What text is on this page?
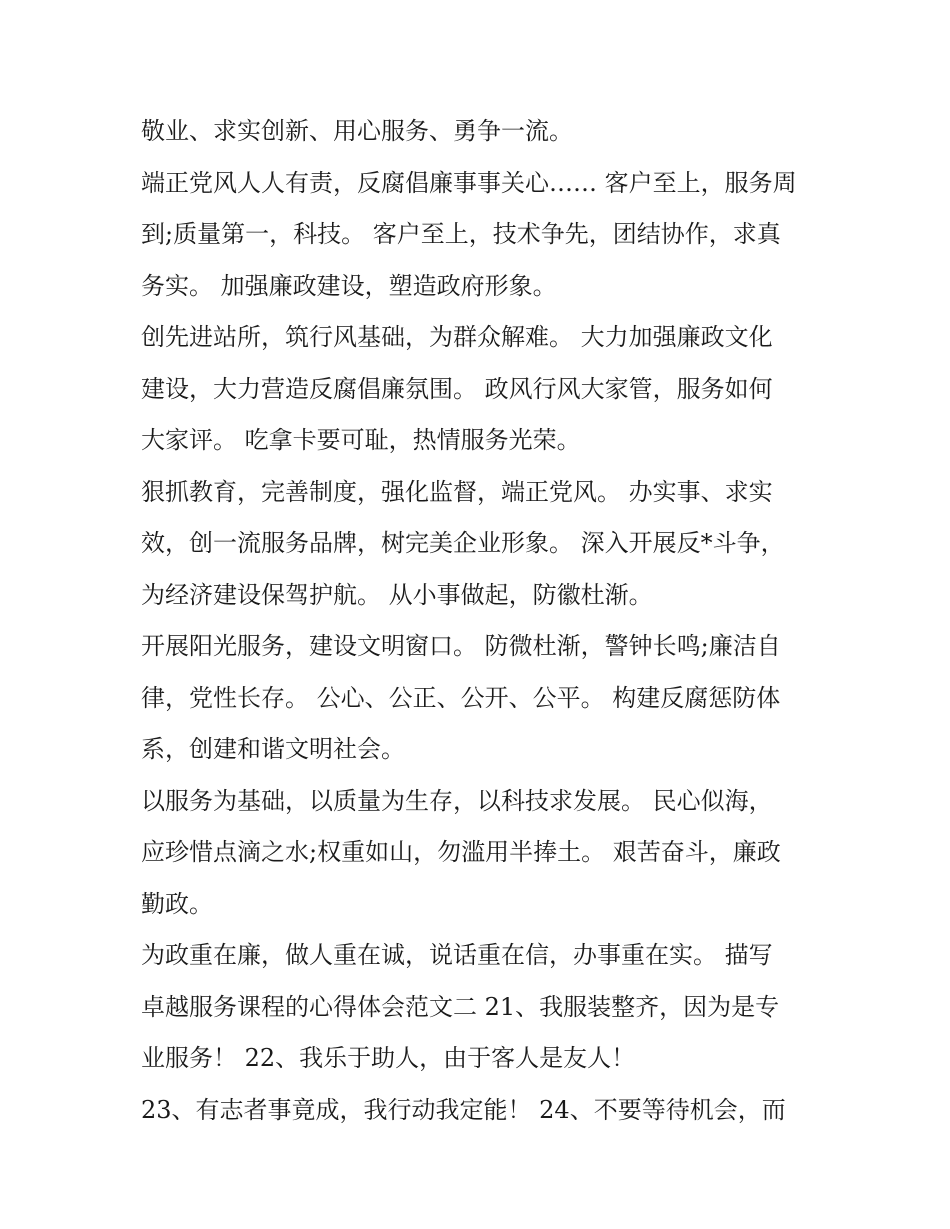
敬业、求实创新、用心服务、勇争一流。

端正党风人人有责，反腐倡廉事事关心…… 客户至上，服务周

到;质量第一，科技。 客户至上，技术争先，团结协作，求真

务实。 加强廉政建设，塑造政府形象。

创先进站所，筑行风基础，为群众解难。 大力加强廉政文化

建设，大力营造反腐倡廉氛围。 政风行风大家管，服务如何

大家评。 吃拿卡要可耻，热情服务光荣。

狠抓教育，完善制度，强化监督，端正党风。 办实事、求实

效，创一流服务品牌，树完美企业形象。 深入开展反*斗争，

为经济建设保驾护航。 从小事做起，防徽杜渐。

开展阳光服务，建设文明窗口。 防微杜渐，警钟长鸣;廉洁自

律，党性长存。 公心、公正、公开、公平。 构建反腐惩防体

系，创建和谐文明社会。

以服务为基础，以质量为生存，以科技求发展。 民心似海，

应珍惜点滴之水;权重如山，勿滥用半捧土。 艰苦奋斗，廉政

勤政。

为政重在廉，做人重在诚，说话重在信，办事重在实。 描写

卓越服务课程的心得体会范文二 21、我服装整齐，因为是专

业服务！ 22、我乐于助人，由于客人是友人！

23、有志者事竟成，我行动我定能！ 24、不要等待机会，而
